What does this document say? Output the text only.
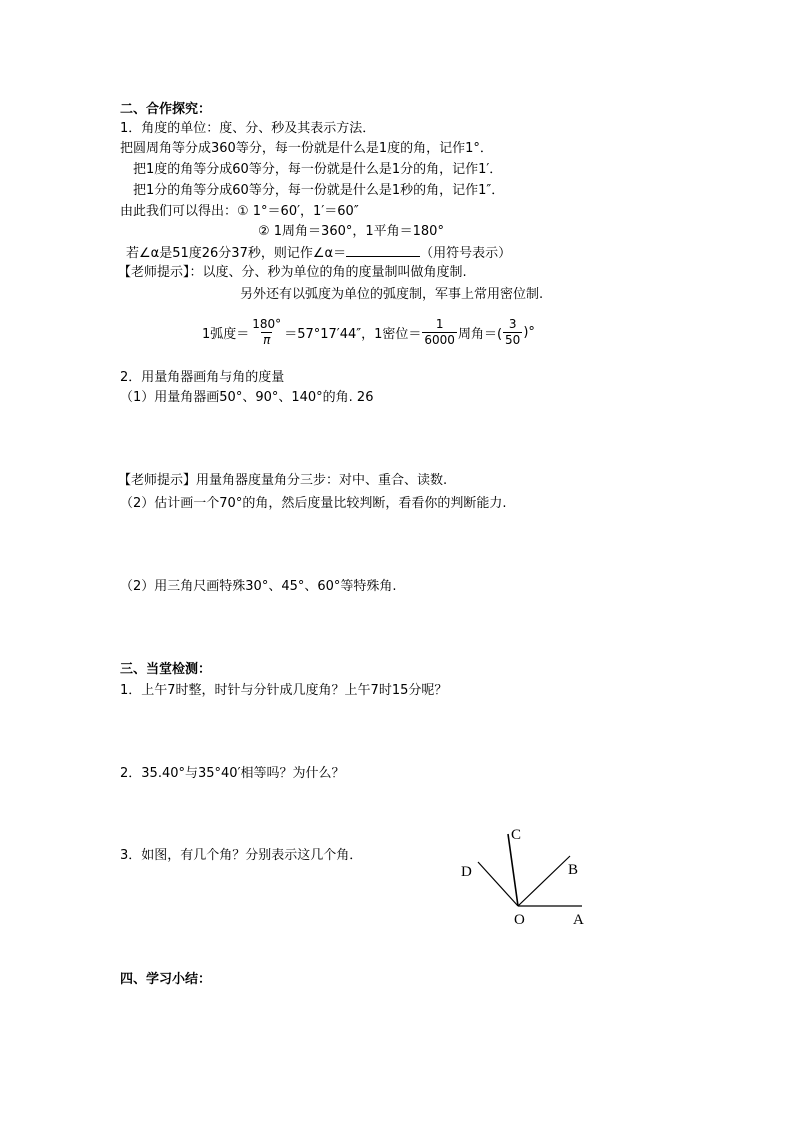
二、合作探究：
1．角度的单位：度、分、秒及其表示方法．
把圆周角等分成360等分，每一份就是什么是1度的角，记作1°．
把1度的角等分成60等分，每一份就是什么是1分的角，记作1′．
把1分的角等分成60等分，每一份就是什么是1秒的角，记作1″．
由此我们可以得出：① 1°＝60′，1′＝60″
② 1周角＝360°，1平角＝180°
若∠α是51度26分37秒，则记作∠α＝	（用符号表示）
【老师提示】：以度、分、秒为单位的角的度量制叫做角度制.
另外还有以弧度为单位的弧度制，军事上常用密位制.
1弧度＝ $\frac{180^\circ}{\pi} =57^\circ 17'44''$，1密位＝ $\frac{1}{6000}$ 周角＝( $\frac{3}{50}$ )°
2．用量角器画角与角的度量
（1）用量角器画50°、90°、140°的角. 26
【老师提示】用量角器度量角分三步：对中、重合、读数.
（2）估计画一个70°的角，然后度量比较判断，看看你的判断能力.
（2）用三角尺画特殊30°、45°、60°等特殊角.
三、当堂检测：
1．上午7时整，时针与分针成几度角？上午7时15分呢？
2．35.40°与35°40′相等吗？为什么？
3．如图，有几个角？分别表示这几个角．
C
B
D
O	A
四、学习小结：
